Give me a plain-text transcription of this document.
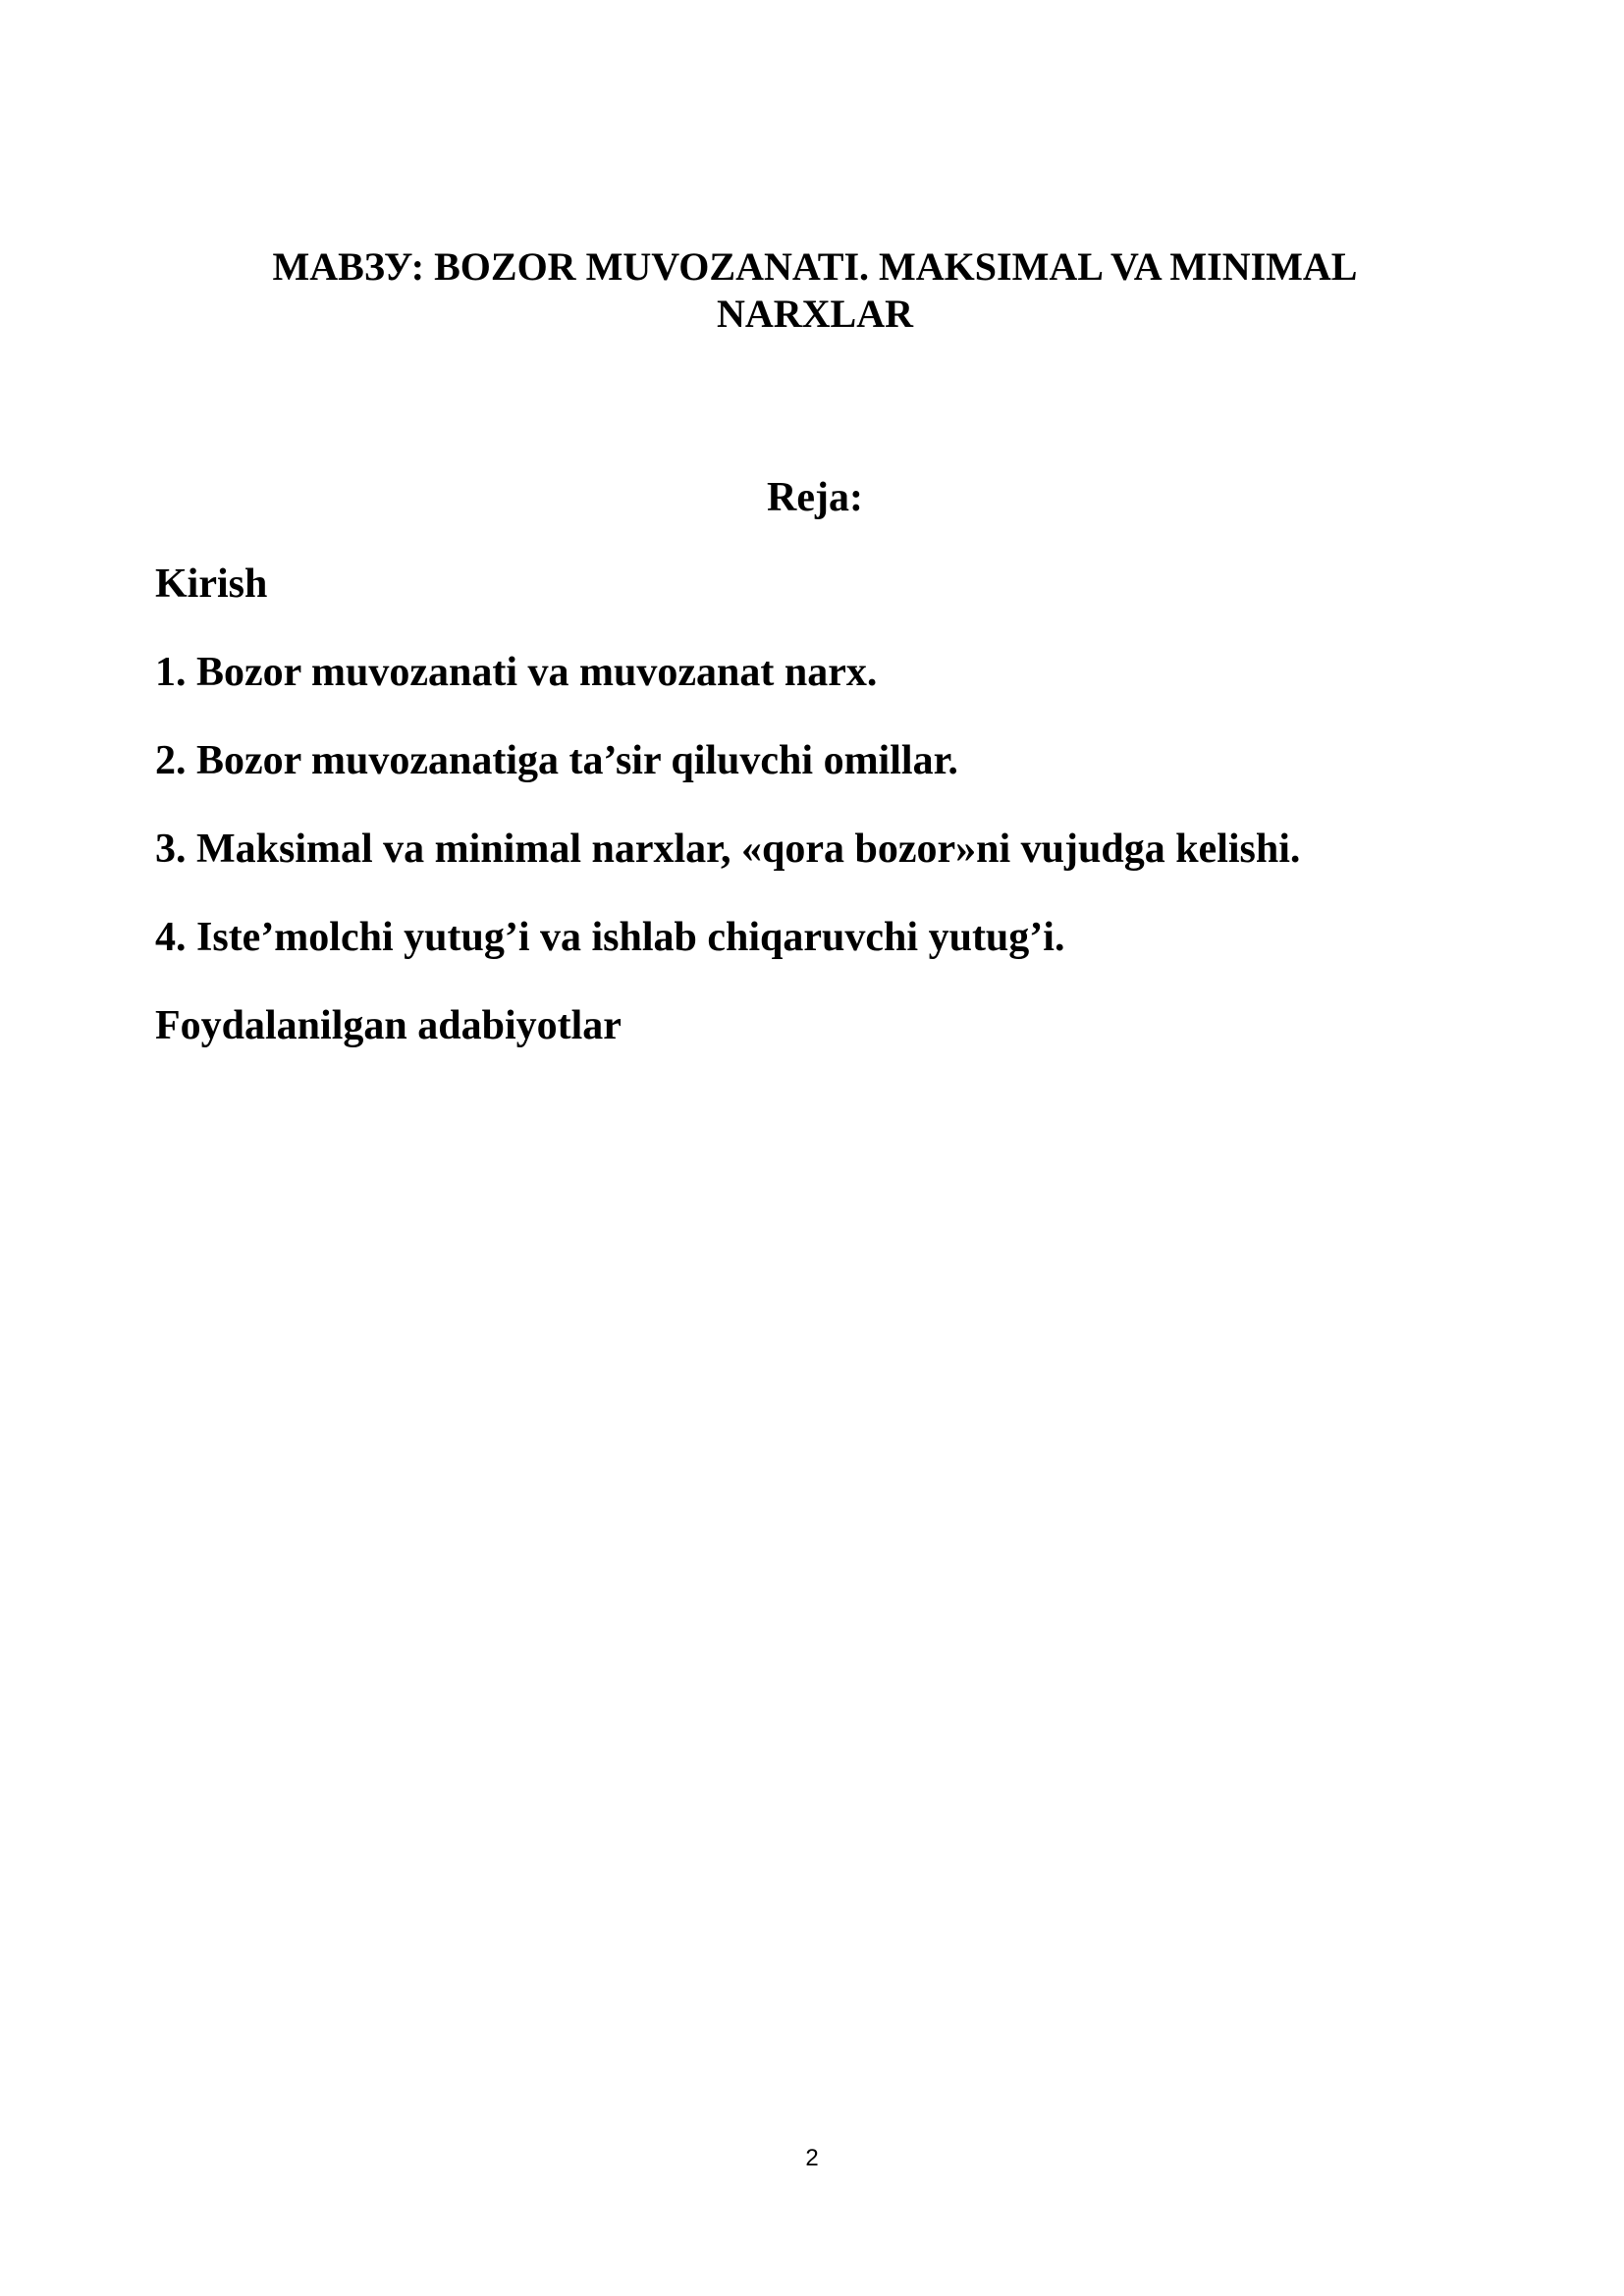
МАВЗУ: BOZOR MUVOZANATI. MAKSIMAL VA MINIMAL
NARXLAR
Reja:
Kirish
1. Bozor muvozanati va muvozanat narx.
2. Bozor muvozanatiga ta’sir qiluvchi omillar.
3. Maksimal va minimal narxlar, «qora bozor»ni vujudga kelishi.
4. Iste’molchi yutug’i va ishlab chiqaruvchi yutug’i.
Foydalanilgan adabiyotlar
2
